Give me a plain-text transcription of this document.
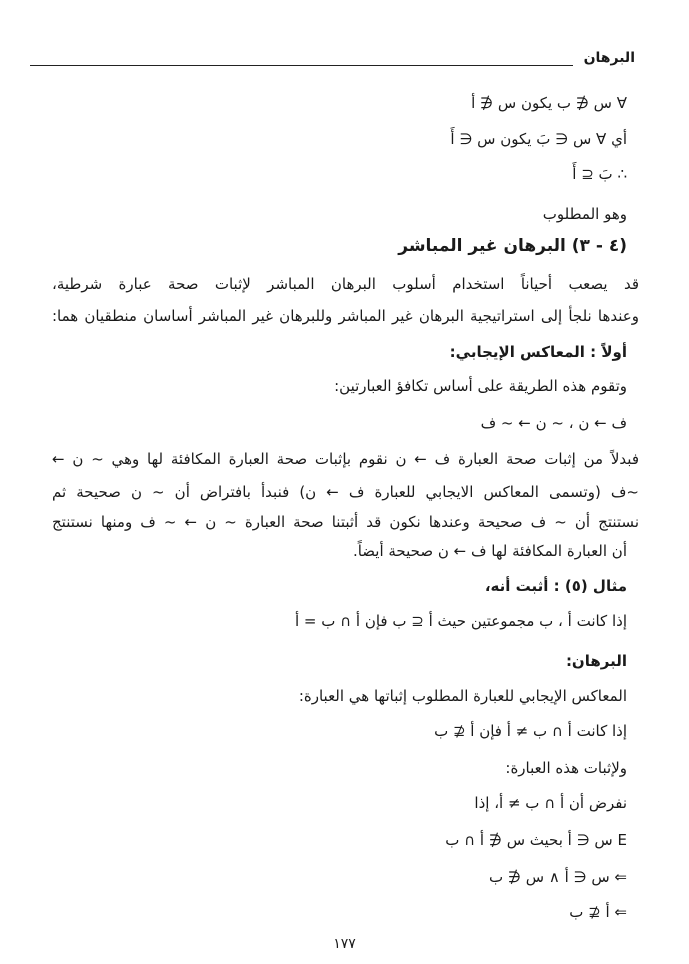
البرهان
∀ س ∉ ب يكون س ∉ أ
أي ∀ س ∈ بَ يكون س ∈ أَ
∴ بَ ⊆ أَ
وهو المطلوب
(٤ - ٣) البرهان غير المباشر
قد يصعب أحياناً استخدام أسلوب البرهان المباشر لإثبات صحة عبارة شرطية،
وعندها نلجأ إلى استراتيجية البرهان غير المباشر وللبرهان غير المباشر أساسان منطقيان هما:
أولاً : المعاكس الإيجابي:
وتقوم هذه الطريقة على أساس تكافؤ العبارتين:
ف ← ن ، ~ ن ← ~ ف
فبدلاً من إثبات صحة العبارة ف ← ن نقوم بإثبات صحة العبارة المكافئة لها وهي ~ ن ←
~ف (وتسمى المعاكس الايجابي للعبارة ف ← ن) فنبدأ بافتراض أن ~ ن صحيحة ثم
نستنتج أن ~ ف صحيحة وعندها نكون قد أثبتنا صحة العبارة ~ ن ← ~ ف ومنها نستنتج
أن العبارة المكافئة لها ف ← ن صحيحة أيضاً.
مثال (٥) : أثبت أنه،
إذا كانت أ ، ب مجموعتين حيث أ ⊆ ب فإن أ ∩ ب = أ
البرهان:
المعاكس الإيجابي للعبارة المطلوب إثباتها هي العبارة:
إذا كانت أ ∩ ب ≠ أ فإن أ ⊈ ب
ولإثبات هذه العبارة:
نفرض أن أ ∩ ب ≠ أ، إذا
E س ∈ أ بحيث س ∉ أ ∩ ب
⇐ س ∈ أ ∧ س ∉ ب
⇐ أ ⊈ ب
١٧٧
